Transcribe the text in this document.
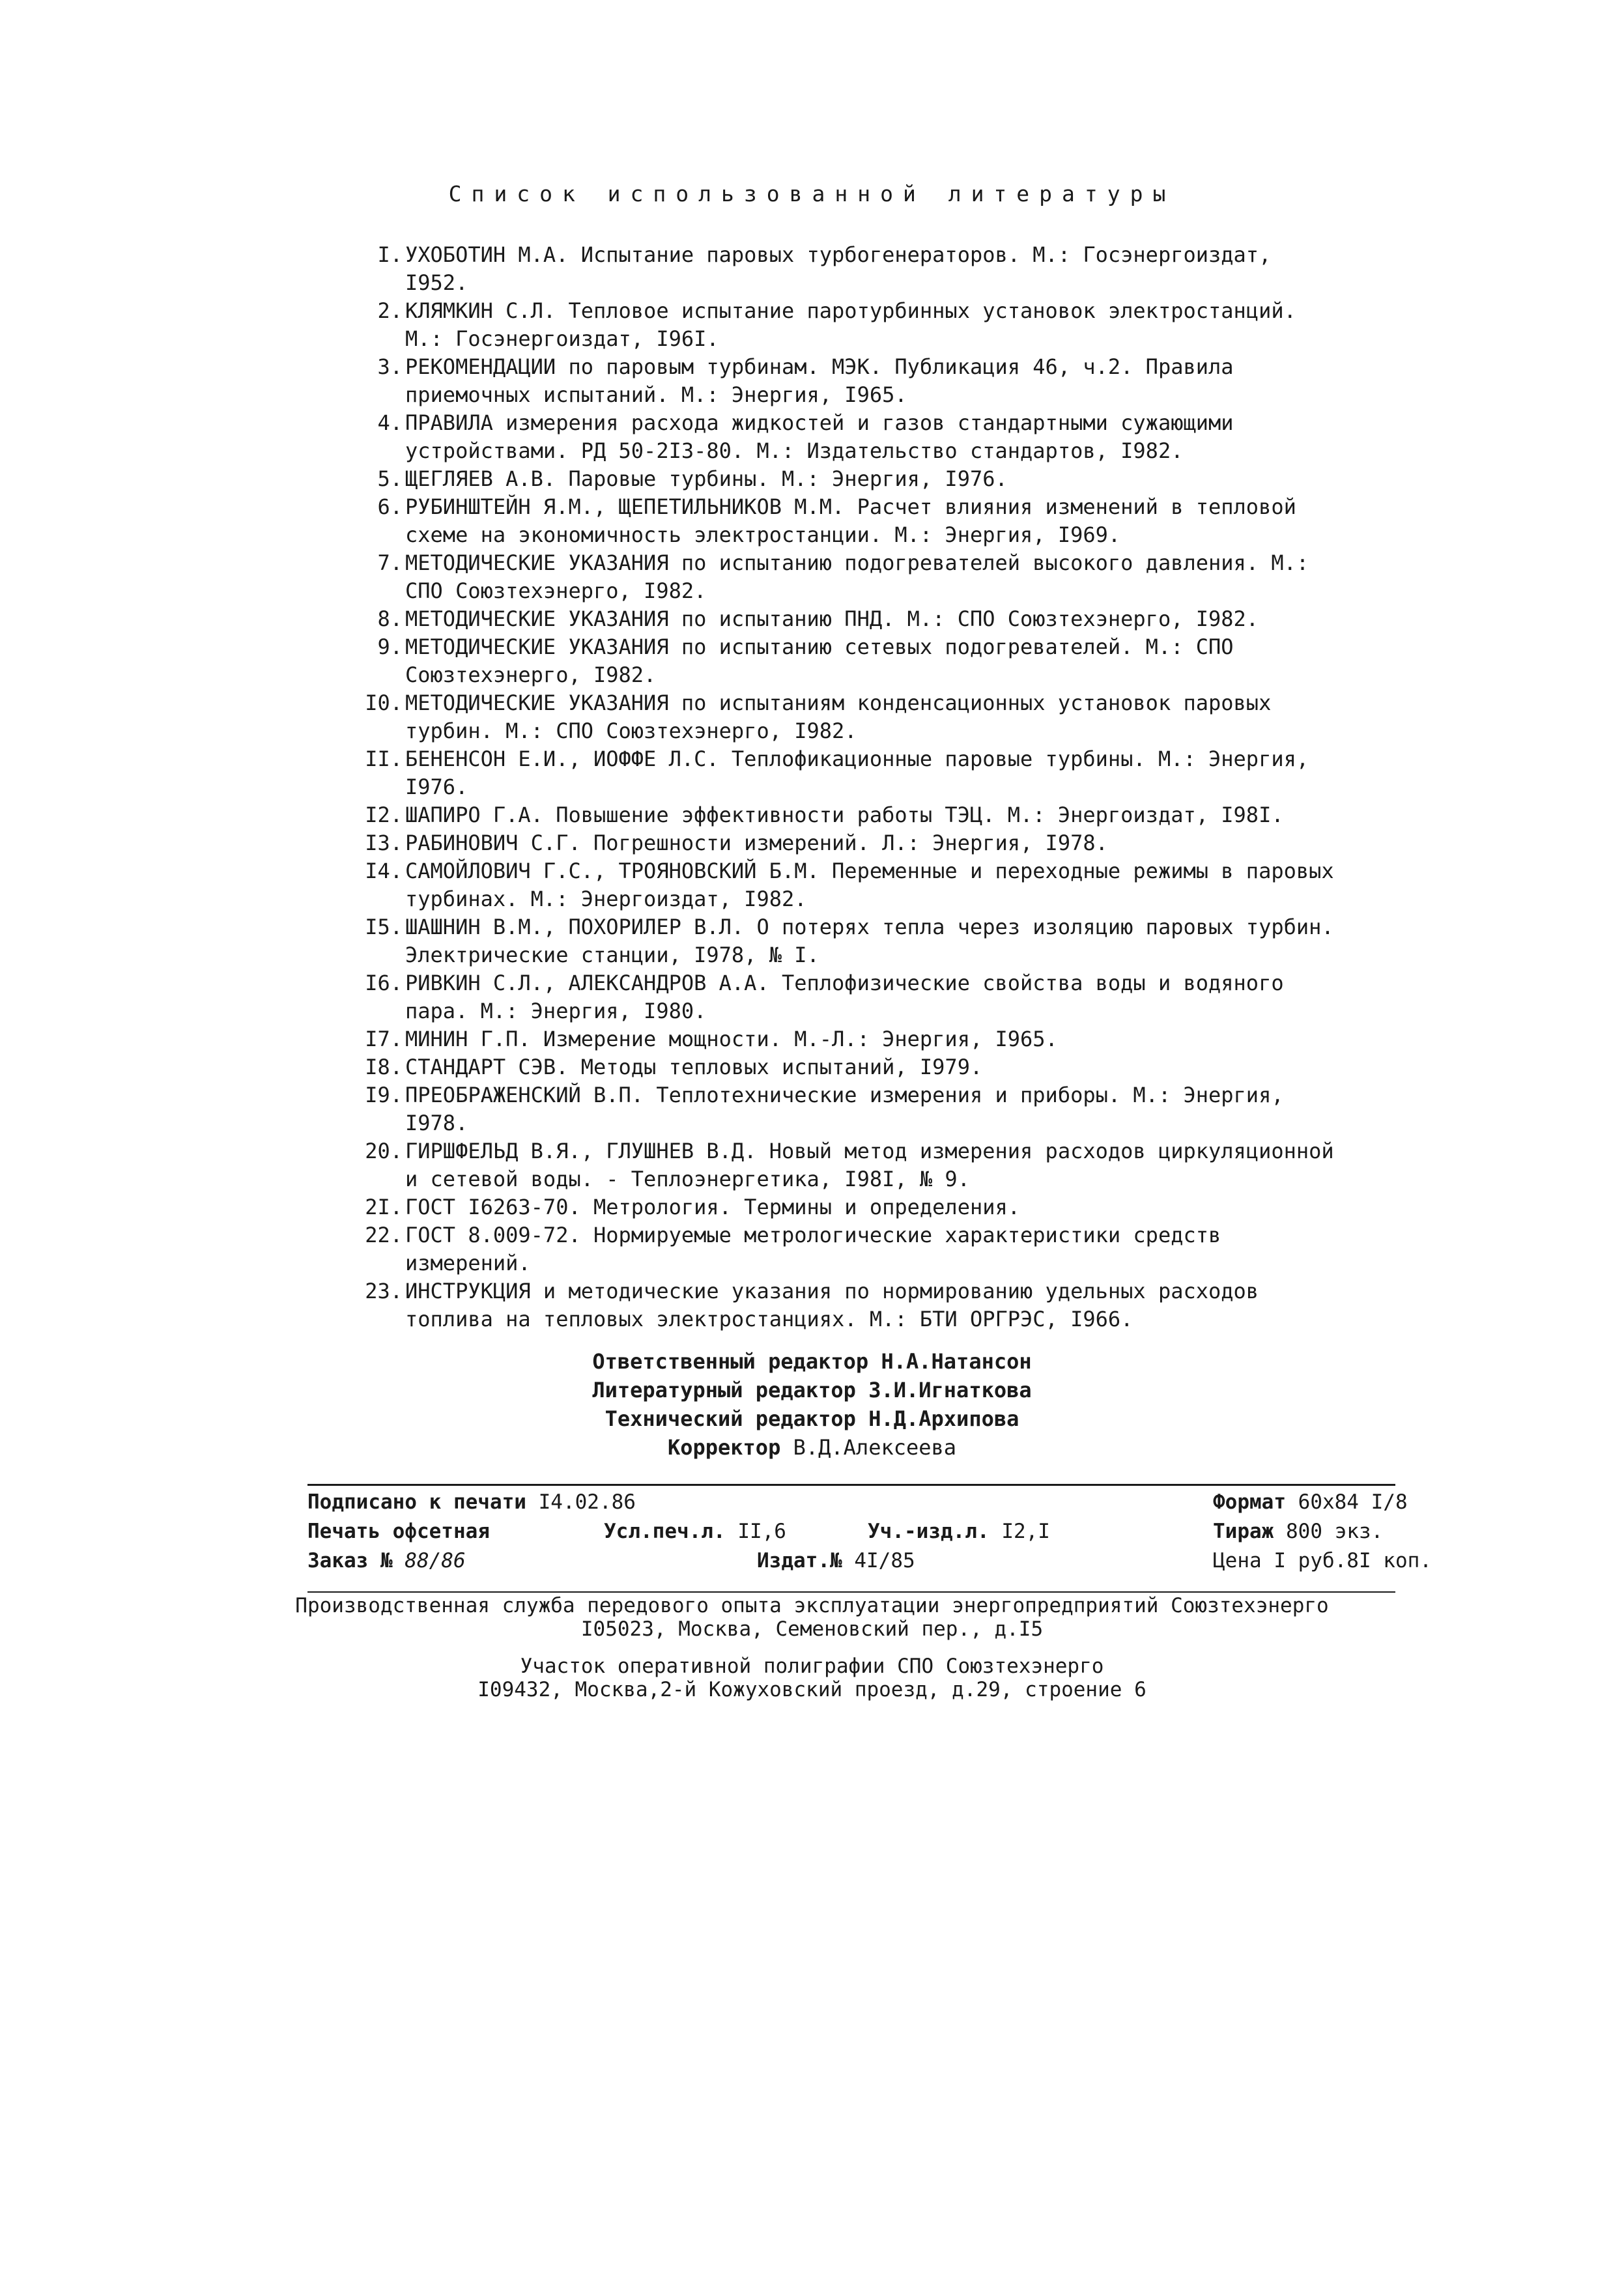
Список использованной литературы
I. УХОБОТИН М.А. Испытание паровых турбогенераторов. М.: Госэнергоиздат, I952.
2. КЛЯМКИН С.Л. Тепловое испытание паротурбинных установок электростанций. М.: Госэнергоиздат, I96I.
3. РЕКОМЕНДАЦИИ по паровым турбинам. МЭК. Публикация 46, ч.2. Правила приемочных испытаний. М.: Энергия, I965.
4. ПРАВИЛА измерения расхода жидкостей и газов стандартными сужающими устройствами. РД 50-2I3-80. М.: Издательство стандартов, I982.
5. ЩЕГЛЯЕВ А.В. Паровые турбины. М.: Энергия, I976.
6. РУБИНШТЕЙН Я.М., ЩЕПЕТИЛЬНИКОВ М.М. Расчет влияния изменений в тепловой схеме на экономичность электростанции. М.: Энергия, I969.
7. МЕТОДИЧЕСКИЕ УКАЗАНИЯ по испытанию подогревателей высокого давления. М.: СПО Союзтехэнерго, I982.
8. МЕТОДИЧЕСКИЕ УКАЗАНИЯ по испытанию ПНД. М.: СПО Союзтехэнерго, I982.
9. МЕТОДИЧЕСКИЕ УКАЗАНИЯ по испытанию сетевых подогревателей. М.: СПО Союзтехэнерго, I982.
I0. МЕТОДИЧЕСКИЕ УКАЗАНИЯ по испытаниям конденсационных установок паровых турбин. М.: СПО Союзтехэнерго, I982.
II. БЕНЕНСОН Е.И., ИОФФЕ Л.С. Теплофикационные паровые турбины. М.: Энергия, I976.
I2. ШАПИРО Г.А. Повышение эффективности работы ТЭЦ. М.: Энергоиздат, I98I.
I3. РАБИНОВИЧ С.Г. Погрешности измерений. Л.: Энергия, I978.
I4. САМОЙЛОВИЧ Г.С., ТРОЯНОВСКИЙ Б.М. Переменные и переходные режимы в паровых турбинах. М.: Энергоиздат, I982.
I5. ШАШНИН В.М., ПОХОРИЛЕР В.Л. О потерях тепла через изоляцию паровых турбин. Электрические станции, I978, № I.
I6. РИВКИН С.Л., АЛЕКСАНДРОВ А.А. Теплофизические свойства воды и водяного пара. М.: Энергия, I980.
I7. МИНИН Г.П. Измерение мощности. М.-Л.: Энергия, I965.
I8. СТАНДАРТ СЭВ. Методы тепловых испытаний, I979.
I9. ПРЕОБРАЖЕНСКИЙ В.П. Теплотехнические измерения и приборы. М.: Энергия, I978.
20. ГИРШФЕЛЬД В.Я., ГЛУШНЕВ В.Д. Новый метод измерения расходов циркуляционной и сетевой воды. - Теплоэнергетика, I98I, № 9.
2I. ГОСТ I6263-70. Метрология. Термины и определения.
22. ГОСТ 8.009-72. Нормируемые метрологические характеристики средств измерений.
23. ИНСТРУКЦИЯ и методические указания по нормированию удельных расходов топлива на тепловых электростанциях. М.: БТИ ОРГРЭС, I966.
Ответственный редактор Н.А.Натансон
Литературный редактор З.И.Игнаткова
Технический редактор Н.Д.Архипова
Корректор В.Д.Алексеева
Подписано к печати I4.02.86	Формат 60х84 I/8
Печать офсетная	Усл.печ.л. II,6	Уч.-изд.л. I2,I	Тираж 800 экз.
Заказ № 88/86	Издат.№ 4I/85	Цена I руб.8I коп.
Производственная служба передового опыта эксплуатации энергопредприятий Союзтехэнерго
I05023, Москва, Семеновский пер., д.I5
Участок оперативной полиграфии СПО Союзтехэнерго
I09432, Москва,2-й Кожуховский проезд, д.29, строение 6
